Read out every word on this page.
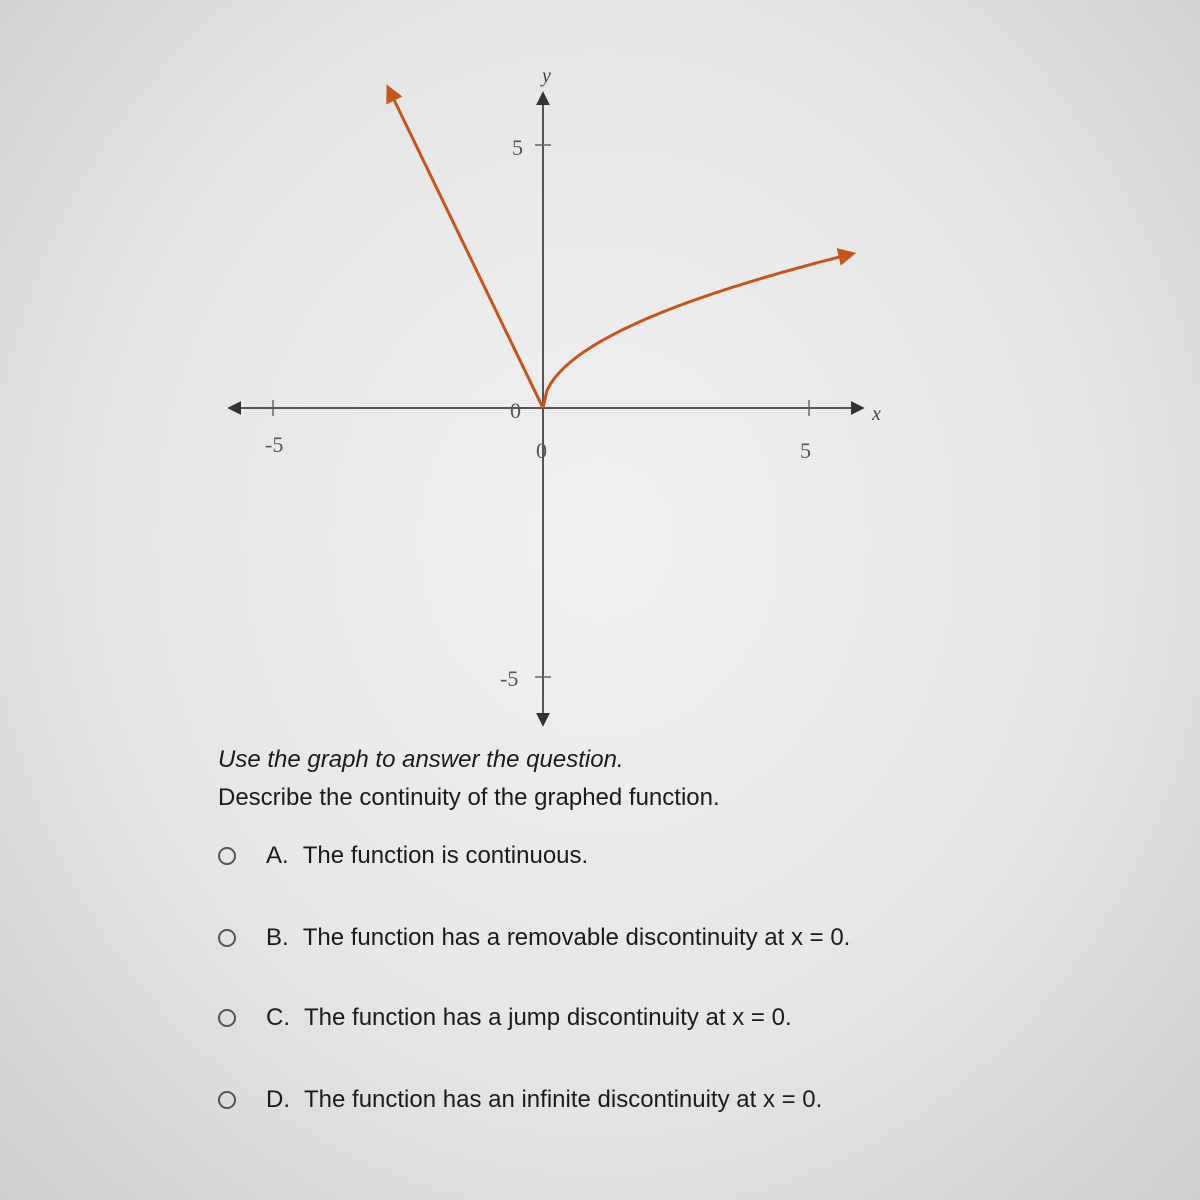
-5	5
5
-5
0
0
x
y

Use the graph to answer the question.

Describe the continuity of the graphed function.

A. The function is continuous.
B. The function has a removable discontinuity at x = 0.
C. The function has a jump discontinuity at x = 0.
D. The function has an infinite discontinuity at x = 0.
